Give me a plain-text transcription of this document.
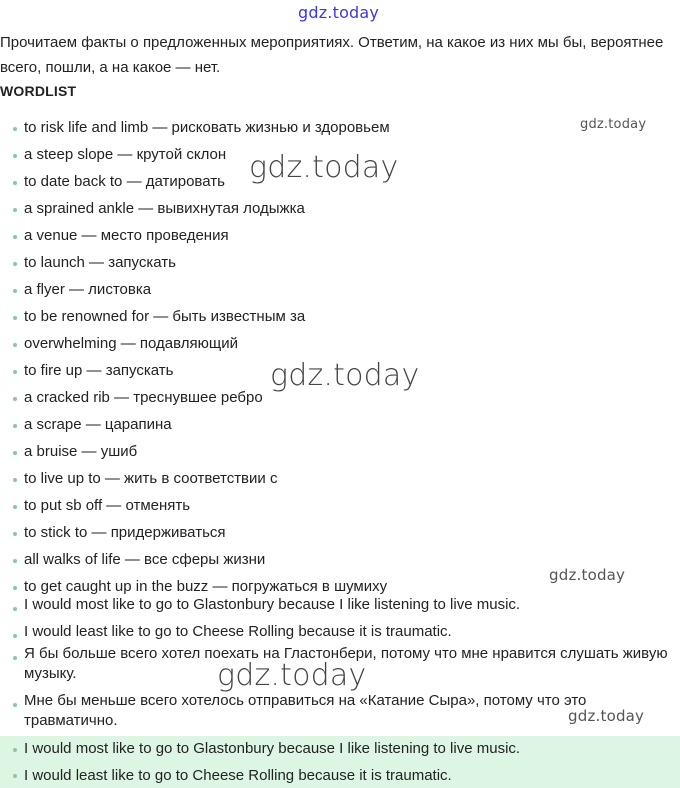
gdz.today
Прочитаем факты о предложенных мероприятиях. Ответим, на какое из них мы бы, вероятнее всего, пошли, а на какое — нет.
WORDLIST
to risk life and limb — рисковать жизнью и здоровьем
a steep slope — крутой склон
to date back to — датировать
a sprained ankle — вывихнутая лодыжка
a venue — место проведения
to launch — запускать
a flyer — листовка
to be renowned for — быть известным за
overwhelming — подавляющий
to fire up — запускать
a cracked rib — треснувшее ребро
a scrape — царапина
a bruise — ушиб
to live up to — жить в соответствии с
to put sb off — отменять
to stick to — придерживаться
all walks of life — все сферы жизни
to get caught up in the buzz — погружаться в шумиху
I would most like to go to Glastonbury because I like listening to live music.
I would least like to go to Cheese Rolling because it is traumatic.
Я бы больше всего хотел поехать на Гластонбери, потому что мне нравится слушать живую музыку.
Мне бы меньше всего хотелось отправиться на «Катание Сыра», потому что это травматично.
I would most like to go to Glastonbury because I like listening to live music.
I would least like to go to Cheese Rolling because it is traumatic.
gdz.today
gdz.today
gdz.today
gdz.today
gdz.today
gdz.today
